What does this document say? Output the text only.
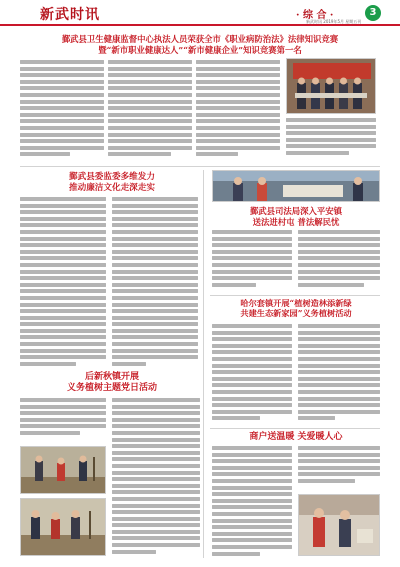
新武时讯	· 综 合 ·	3
新武时讯 2019年5月 星期五刊
鄞武县卫生健康监督中心执法人员荣获全市《职业病防治法》法律知识竞赛
暨“新市职业健康达人”“新市健康企业”知识竞赛第一名
鄞武县委监委多维发力
推动廉洁文化走深走实
鄞武县司法局深入平安镇
送法进村屯 普法解民忧
哈尔套镇开展“植树造林添新绿
共建生态新家园”义务植树活动
后新秋镇开展
义务植树主题党日活动
商户送温暖 关爱暖人心
